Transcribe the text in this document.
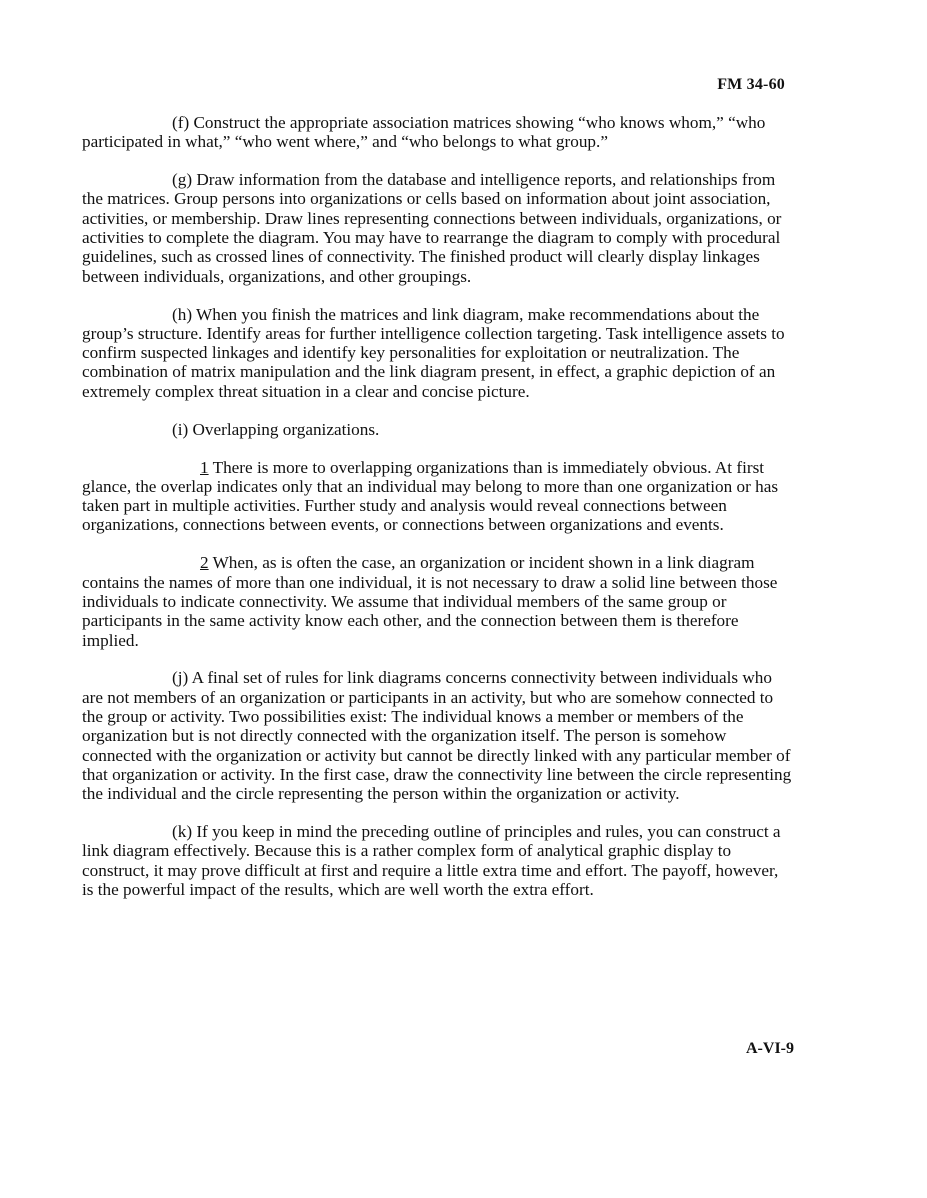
FM 34-60

(f) Construct the appropriate association matrices showing “who knows whom,” “who participated in what,” “who went where,” and “who belongs to what group.”

(g) Draw information from the database and intelligence reports, and relationships from the matrices. Group persons into organizations or cells based on information about joint association, activities, or membership. Draw lines representing connections between individuals, organizations, or activities to complete the diagram. You may have to rearrange the diagram to comply with procedural guidelines, such as crossed lines of connectivity. The finished product will clearly display linkages between individuals, organizations, and other groupings.

(h) When you finish the matrices and link diagram, make recommendations about the group’s structure. Identify areas for further intelligence collection targeting. Task intelligence assets to confirm suspected linkages and identify key personalities for exploitation or neutralization. The combination of matrix manipulation and the link diagram present, in effect, a graphic depiction of an extremely complex threat situation in a clear and concise picture.

(i) Overlapping organizations.

1 There is more to overlapping organizations than is immediately obvious. At first glance, the overlap indicates only that an individual may belong to more than one organization or has taken part in multiple activities. Further study and analysis would reveal connections between organizations, connections between events, or connections between organizations and events.

2 When, as is often the case, an organization or incident shown in a link diagram contains the names of more than one individual, it is not necessary to draw a solid line between those individuals to indicate connectivity. We assume that individual members of the same group or participants in the same activity know each other, and the connection between them is therefore implied.

(j) A final set of rules for link diagrams concerns connectivity between individuals who are not members of an organization or participants in an activity, but who are somehow connected to the group or activity. Two possibilities exist: The individual knows a member or members of the organization but is not directly connected with the organization itself. The person is somehow connected with the organization or activity but cannot be directly linked with any particular member of that organization or activity. In the first case, draw the connectivity line between the circle representing the individual and the circle representing the person within the organization or activity.

(k) If you keep in mind the preceding outline of principles and rules, you can construct a link diagram effectively. Because this is a rather complex form of analytical graphic display to construct, it may prove difficult at first and require a little extra time and effort. The payoff, however, is the powerful impact of the results, which are well worth the extra effort.

A-VI-9
